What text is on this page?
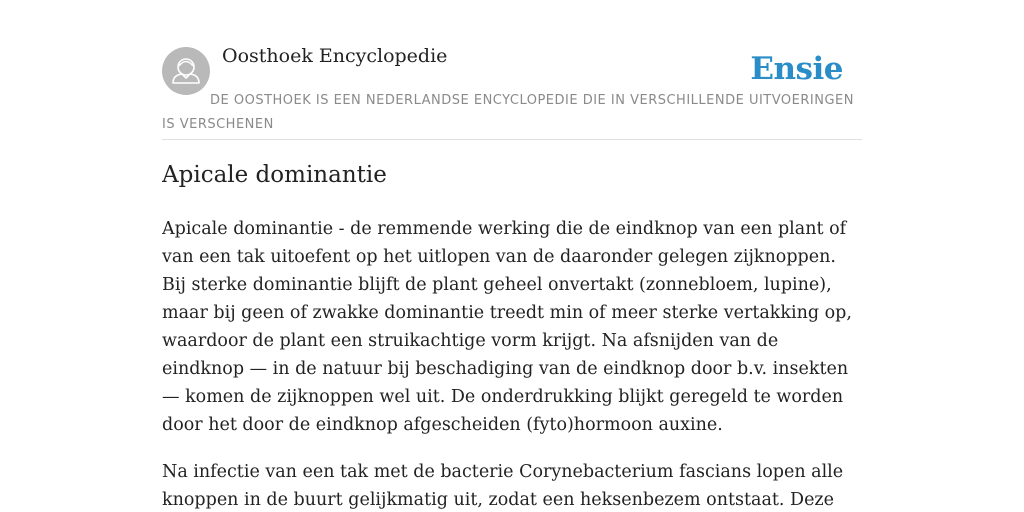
Oosthoek Encyclopedie	Ensie
DE OOSTHOEK IS EEN NEDERLANDSE ENCYCLOPEDIE DIE IN VERSCHILLENDE UITVOERINGEN IS VERSCHENEN
Apicale dominantie

Apicale dominantie - de remmende werking die de eindknop van een plant of van een tak uitoefent op het uitlopen van de daaronder gelegen zijknoppen. Bij sterke dominantie blijft de plant geheel onvertakt (zonnebloem, lupine), maar bij geen of zwakke dominantie treedt min of meer sterke vertakking op, waardoor de plant een struikachtige vorm krijgt. Na afsnijden van de eindknop — in de natuur bij beschadiging van de eindknop door b.v. insekten — komen de zijknoppen wel uit. De onderdrukking blijkt geregeld te worden door het door de eindknop afgescheiden (fyto)hormoon auxine.

Na infectie van een tak met de bacterie Corynebacterium fascians lopen alle knoppen in de buurt gelijkmatig uit, zodat een heksenbezem ontstaat. Deze
